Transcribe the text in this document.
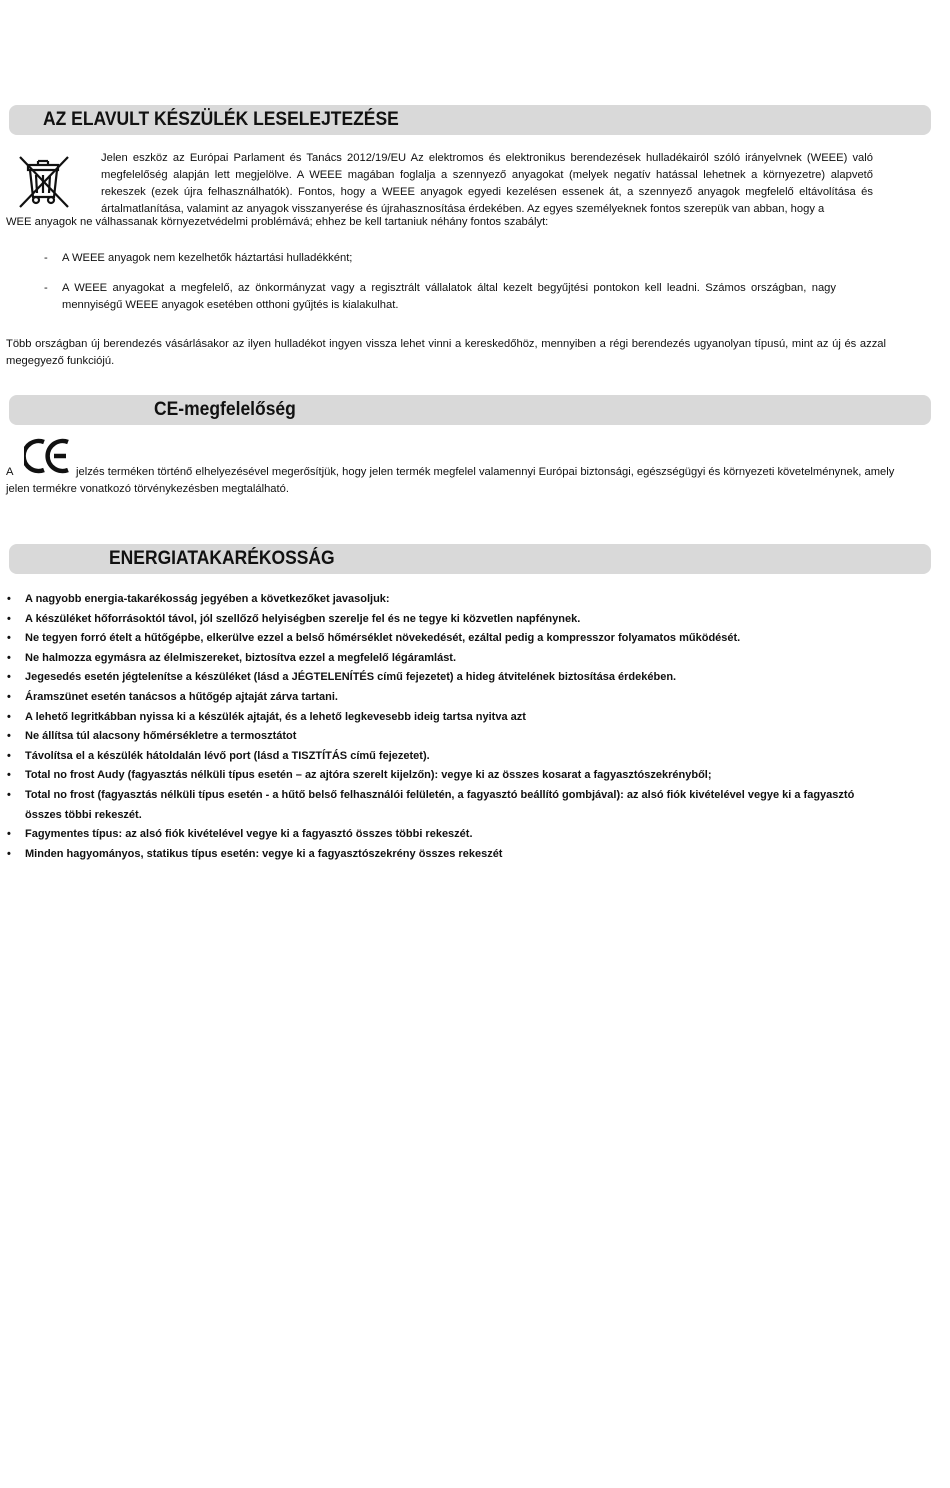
AZ ELAVULT KÉSZÜLÉK LESELEJTEZÉSE
Jelen eszköz az Európai Parlament és Tanács 2012/19/EU Az elektromos és elektronikus berendezések hulladékairól szóló irányelvnek (WEEE) való megfelelőség alapján lett megjelölve. A WEEE magában foglalja a szennyező anyagokat (melyek negatív hatással lehetnek a környezetre) alapvető rekeszek (ezek újra felhasználhatók). Fontos, hogy a WEEE anyagok egyedi kezelésen essenek át, a szennyező anyagok megfelelő eltávolítása és ártalmatlanítása, valamint az anyagok visszanyerése és újrahasznosítása érdekében. Az egyes személyeknek fontos szerepük van abban, hogy a
WEE anyagok ne válhassanak környezetvédelmi problémává; ehhez be kell tartaniuk néhány fontos szabályt:
- A WEEE anyagok nem kezelhetők háztartási hulladékként;
- A WEEE anyagokat a megfelelő, az önkormányzat vagy a regisztrált vállalatok által kezelt begyűjtési pontokon kell leadni. Számos országban, nagy mennyiségű WEEE anyagok esetében otthoni gyűjtés is kialakulhat.
Több országban új berendezés vásárlásakor az ilyen hulladékot ingyen vissza lehet vinni a kereskedőhöz, mennyiben a régi berendezés ugyanolyan típusú, mint az új és azzal megegyező funkciójú.
CE-megfelelőség
A	jelzés terméken történő elhelyezésével megerősítjük, hogy jelen termék megfelel valamennyi Európai biztonsági, egészségügyi és környezeti követelménynek, amely
jelen termékre vonatkozó törvénykezésben megtalálható.
ENERGIATAKARÉKOSSÁG
• A nagyobb energia-takarékosság jegyében a következőket javasoljuk:
• A készüléket hőforrásoktól távol, jól szellőző helyiségben szerelje fel és ne tegye ki közvetlen napfénynek.
• Ne tegyen forró ételt a hűtőgépbe, elkerülve ezzel a belső hőmérséklet növekedését, ezáltal pedig a kompresszor folyamatos működését.
• Ne halmozza egymásra az élelmiszereket, biztosítva ezzel a megfelelő légáramlást.
• Jegesedés esetén jégtelenítse a készüléket (lásd a JÉGTELENÍTÉS című fejezetet) a hideg átvitelének biztosítása érdekében.
• Áramszünet esetén tanácsos a hűtőgép ajtaját zárva tartani.
• A lehető legritkábban nyissa ki a készülék ajtaját, és a lehető legkevesebb ideig tartsa nyitva azt
• Ne állítsa túl alacsony hőmérsékletre a termosztátot
• Távolítsa el a készülék hátoldalán lévő port (lásd a TISZTÍTÁS című fejezetet).
• Total no frost Audy (fagyasztás nélküli típus esetén – az ajtóra szerelt kijelzőn): vegye ki az összes kosarat a fagyasztószekrényből;
• Total no frost (fagyasztás nélküli típus esetén - a hűtő belső felhasználói felületén, a fagyasztó beállító gombjával): az alsó fiók kivételével vegye ki a fagyasztó összes többi rekeszét.
• Fagymentes típus: az alsó fiók kivételével vegye ki a fagyasztó összes többi rekeszét.
• Minden hagyományos, statikus típus esetén: vegye ki a fagyasztószekrény összes rekeszét
